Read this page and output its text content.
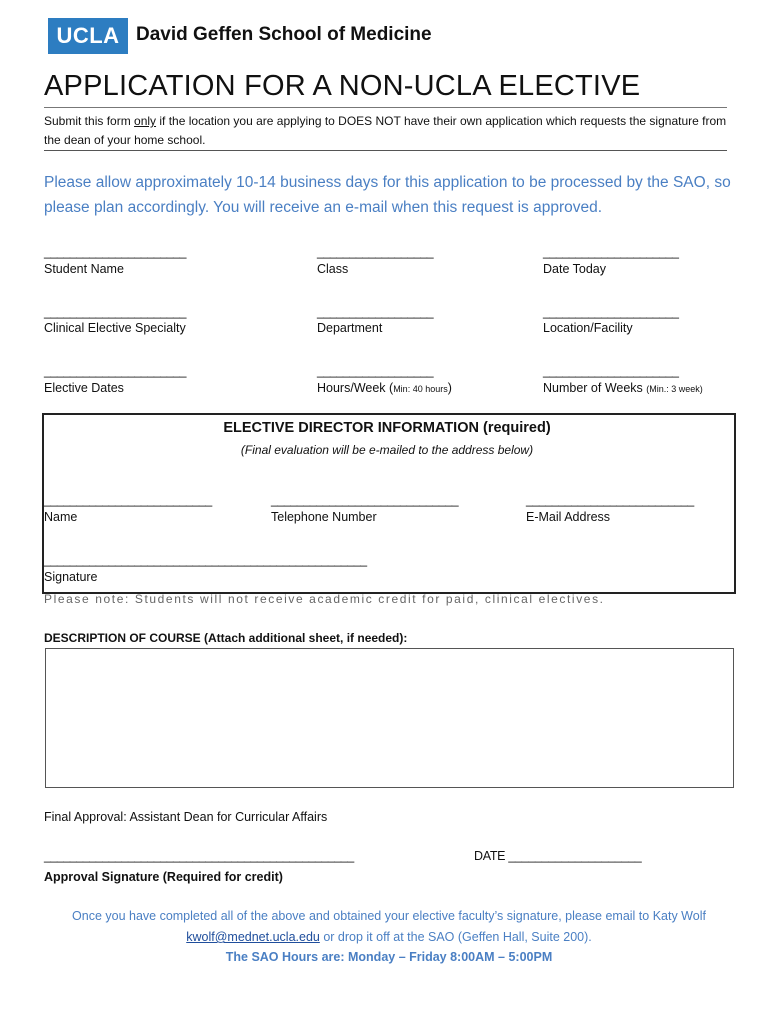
UCLA David Geffen School of Medicine
APPLICATION FOR A NON-UCLA ELECTIVE
Submit this form only if the location you are applying to DOES NOT have their own application which requests the signature from the dean of your home school.
Please allow approximately 10-14 business days for this application to be processed by the SAO, so please plan accordingly. You will receive an e-mail when this request is approved.
______________________	__________________	_____________________
Student Name	Class	Date Today
______________________	__________________	_____________________
Clinical Elective Specialty	Department	Location/Facility
______________________	__________________	_____________________
Elective Dates	Hours/Week (Min: 40 hours)	Number of Weeks (Min.: 3 week)
ELECTIVE DIRECTOR INFORMATION (required)
(Final evaluation will be e-mailed to the address below)
__________________________	_____________________________	__________________________
Name	Telephone Number	E-Mail Address
__________________________________________________
Signature
Please note: Students will not receive academic credit for paid, clinical electives.
DESCRIPTION OF COURSE (Attach additional sheet, if needed):
Final Approval: Assistant Dean for Curricular Affairs
________________________________________________	DATE ____________________
Approval Signature (Required for credit)
Once you have completed all of the above and obtained your elective faculty’s signature, please email to Katy Wolf
kwolf@mednet.ucla.edu or drop it off at the SAO (Geffen Hall, Suite 200).
The SAO Hours are: Monday – Friday 8:00AM – 5:00PM
